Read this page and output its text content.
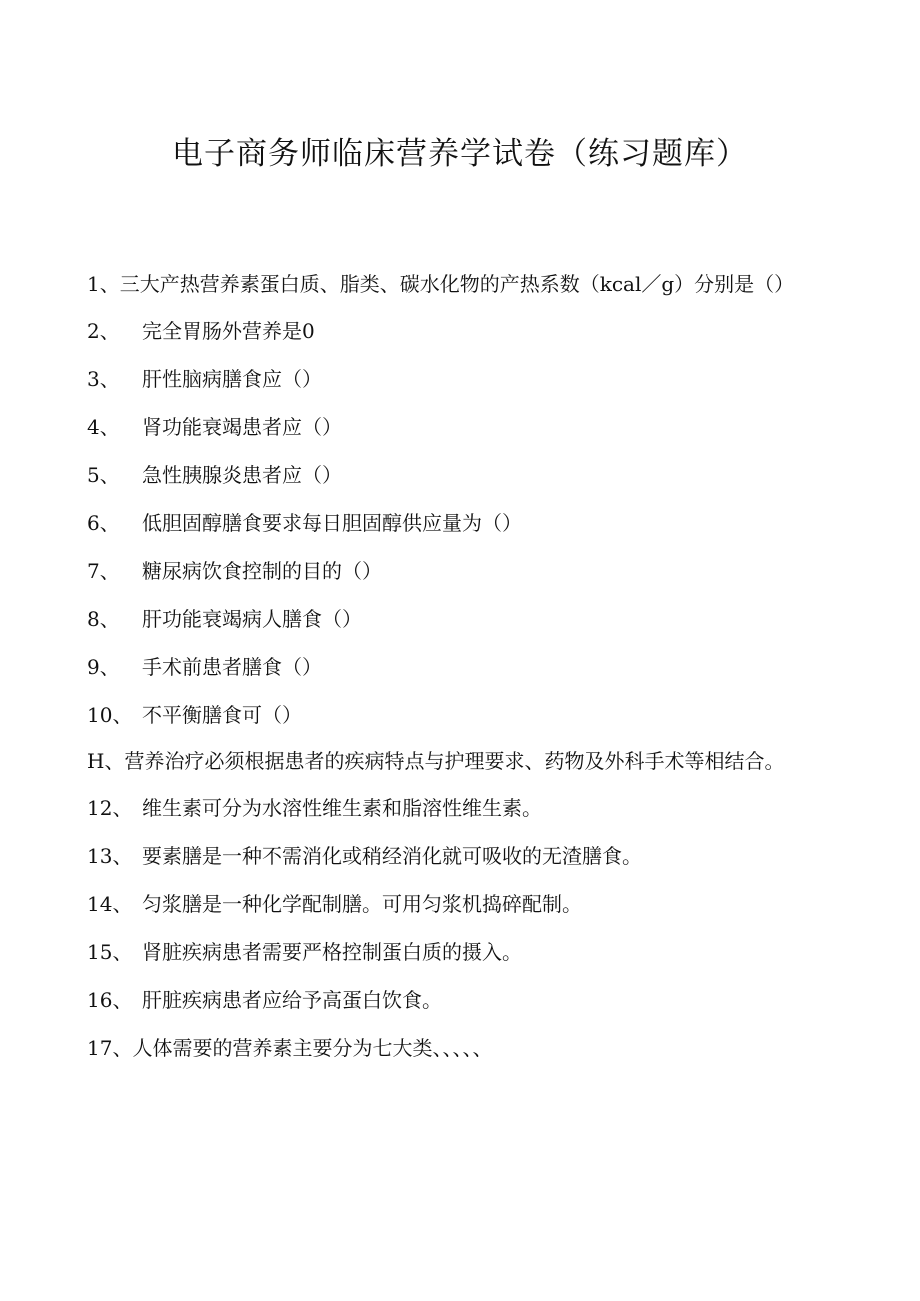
电子商务师临床营养学试卷（练习题库）
1、三大产热营养素蛋白质、脂类、碳水化物的产热系数（kcal／g）分别是（）
2、 完全胃肠外营养是0
3、 肝性脑病膳食应（）
4、 肾功能衰竭患者应（）
5、 急性胰腺炎患者应（）
6、 低胆固醇膳食要求每日胆固醇供应量为（）
7、 糖尿病饮食控制的目的（）
8、 肝功能衰竭病人膳食（）
9、 手术前患者膳食（）
10、 不平衡膳食可（）
H、营养治疗必须根据患者的疾病特点与护理要求、药物及外科手术等相结合。
12、 维生素可分为水溶性维生素和脂溶性维生素。
13、 要素膳是一种不需消化或稍经消化就可吸收的无渣膳食。
14、 匀浆膳是一种化学配制膳。可用匀浆机捣碎配制。
15、 肾脏疾病患者需要严格控制蛋白质的摄入。
16、 肝脏疾病患者应给予高蛋白饮食。
17、人体需要的营养素主要分为七大类、、、、、
